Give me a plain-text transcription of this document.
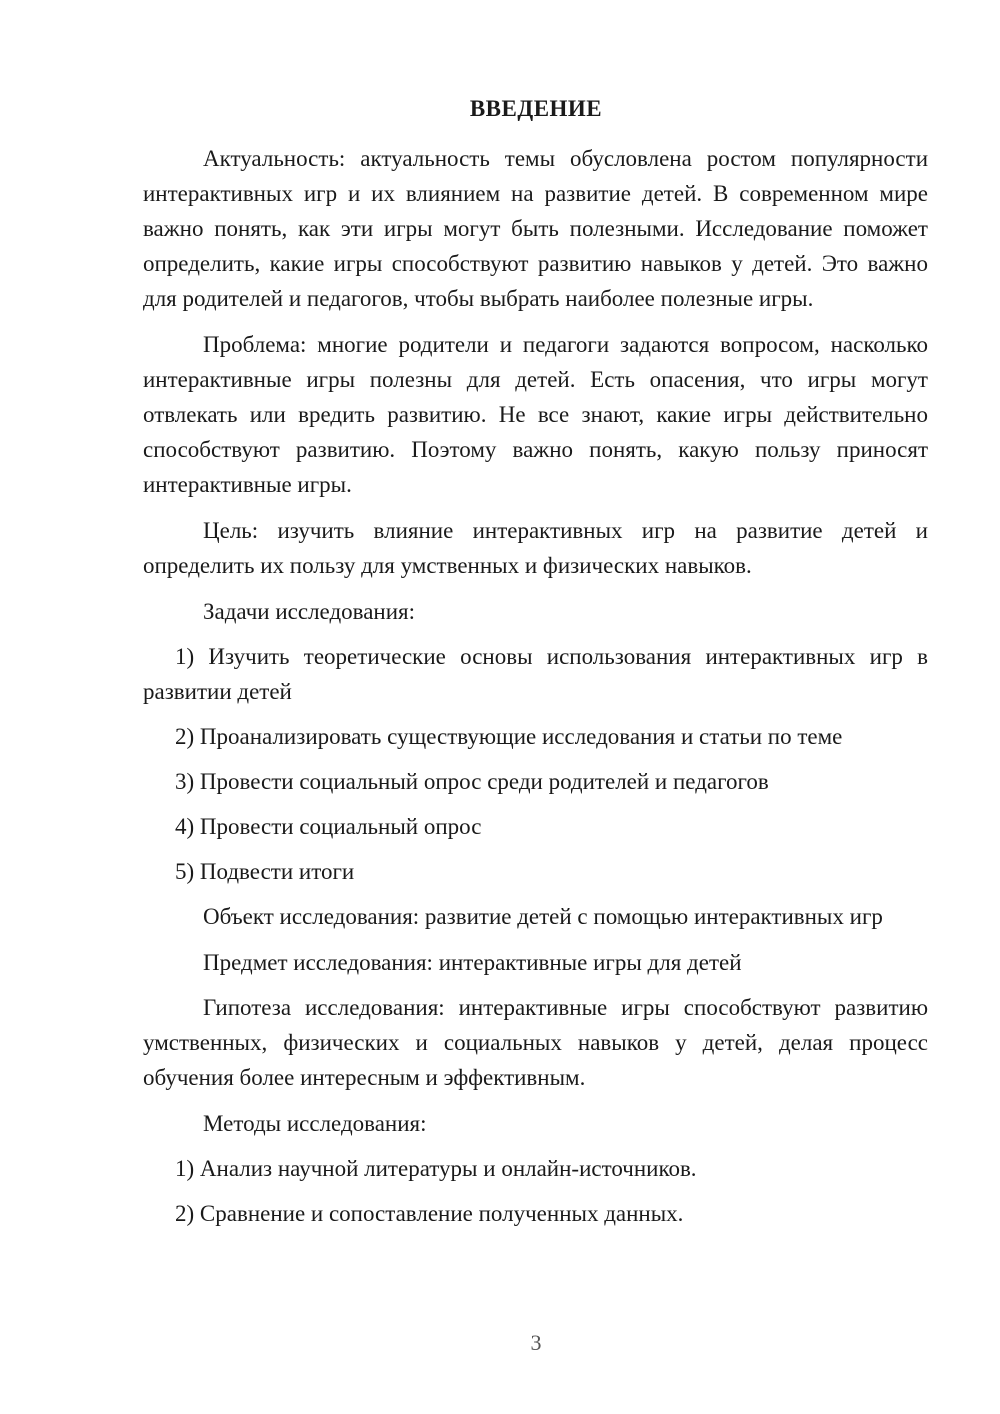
ВВЕДЕНИЕ

Актуальность: актуальность темы обусловлена ростом популярности интерактивных игр и их влиянием на развитие детей. В современном мире важно понять, как эти игры могут быть полезными. Исследование поможет определить, какие игры способствуют развитию навыков у детей. Это важно для родителей и педагогов, чтобы выбрать наиболее полезные игры.

Проблема: многие родители и педагоги задаются вопросом, насколько интерактивные игры полезны для детей. Есть опасения, что игры могут отвлекать или вредить развитию. Не все знают, какие игры действительно способствуют развитию. Поэтому важно понять, какую пользу приносят интерактивные игры.

Цель: изучить влияние интерактивных игр на развитие детей и определить их пользу для умственных и физических навыков.

Задачи исследования:

1) Изучить теоретические основы использования интерактивных игр в развитии детей

2) Проанализировать существующие исследования и статьи по теме

3) Провести социальный опрос среди родителей и педагогов

4) Провести социальный опрос

5) Подвести итоги

Объект исследования: развитие детей с помощью интерактивных игр

Предмет исследования: интерактивные игры для детей

Гипотеза исследования: интерактивные игры способствуют развитию умственных, физических и социальных навыков у детей, делая процесс обучения более интересным и эффективным.

Методы исследования:

1) Анализ научной литературы и онлайн-источников.

2) Сравнение и сопоставление полученных данных.

3
